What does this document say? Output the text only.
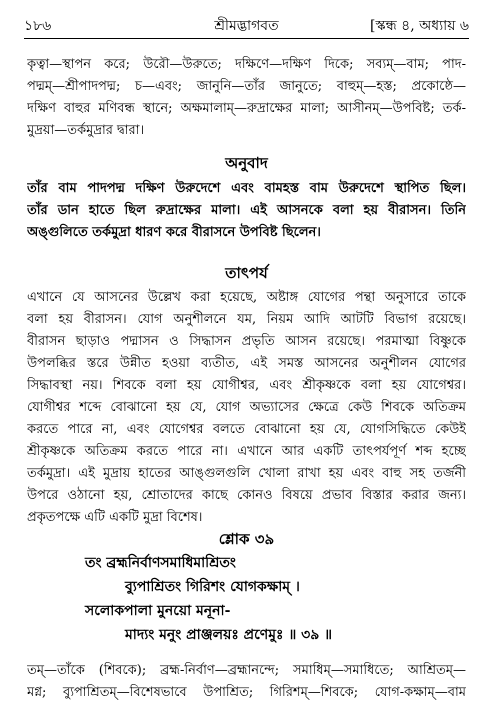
১৮৬	শ্রীমদ্ভাগবত	[স্কন্ধ ৪, অধ্যায় ৬
কৃত্বা—স্থাপন করে; উরৌ—উরুতে; দক্ষিণে—দক্ষিণ দিকে; সব্যম্—বাম; পাদ-
পদ্মম্—শ্রীপাদপদ্ম; চ—এবং; জানুনি—তাঁর জানুতে; বাহুম্—হস্ত; প্রকোষ্ঠে—
দক্ষিণ বাহুর মণিবন্ধ স্থানে; অক্ষমালাম্—রুদ্রাক্ষের মালা; আসীনম্—উপবিষ্ট; তর্ক-
মুদ্রয়া—তর্কমুদ্রার দ্বারা।
অনুবাদ
তাঁর বাম পাদপদ্ম দক্ষিণ উরুদেশে এবং বামহস্ত বাম উরুদেশে স্থাপিত ছিল।
তাঁর ডান হাতে ছিল রুদ্রাক্ষের মালা। এই আসনকে বলা হয় বীরাসন। তিনি
অঙ্গুলিতে তর্কমুদ্রা ধারণ করে বীরাসনে উপবিষ্ট ছিলেন।
তাৎপর্য
এখানে যে আসনের উল্লেখ করা হয়েছে, অষ্টাঙ্গ যোগের পন্থা অনুসারে তাকে
বলা হয় বীরাসন। যোগ অনুশীলনে যম, নিয়ম আদি আটটি বিভাগ রয়েছে।
বীরাসন ছাড়াও পদ্মাসন ও সিদ্ধাসন প্রভৃতি আসন রয়েছে। পরমাত্মা বিষ্ণুকে
উপলব্ধির স্তরে উন্নীত হওয়া ব্যতীত, এই সমস্ত আসনের অনুশীলন যোগের
সিদ্ধাবস্থা নয়। শিবকে বলা হয় যোগীশ্বর, এবং শ্রীকৃষ্ণকে বলা হয় যোগেশ্বর।
যোগীশ্বর শব্দে বোঝানো হয় যে, যোগ অভ্যাসের ক্ষেত্রে কেউ শিবকে অতিক্রম
করতে পারে না, এবং যোগেশ্বর বলতে বোঝানো হয় যে, যোগসিদ্ধিতে কেউই
শ্রীকৃষ্ণকে অতিক্রম করতে পারে না। এখানে আর একটি তাৎপর্যপূর্ণ শব্দ হচ্ছে
তর্কমুদ্রা। এই মুদ্রায় হাতের আঙ্গুলগুলি খোলা রাখা হয় এবং বাহু সহ তর্জনী
উপরে ওঠানো হয়, শ্রোতাদের কাছে কোনও বিষয়ে প্রভাব বিস্তার করার জন্য।
প্রকৃতপক্ষে এটি একটি মুদ্রা বিশেষ।
শ্লোক ৩৯
তং ব্রহ্মনির্বাণসমাধিমাশ্রিতং
ব্যুপাশ্রিতং গিরিশং যোগকক্ষাম্ ।
সলোকপালা মুনয়ো মনূনা-
মাদ্যং মনুং প্রাঞ্জলয়ঃ প্রণেমুঃ ॥ ৩৯ ॥
তম্—তাঁকে (শিবকে); ব্রহ্ম-নির্বাণ—ব্রহ্মানন্দে; সমাধিম্—সমাধিতে; আশ্রিতম্—
মগ্ন; ব্যুপাশ্রিতম্—বিশেষভাবে উপাশ্রিত; গিরিশম্—শিবকে; যোগ-কক্ষাম্—বাম
